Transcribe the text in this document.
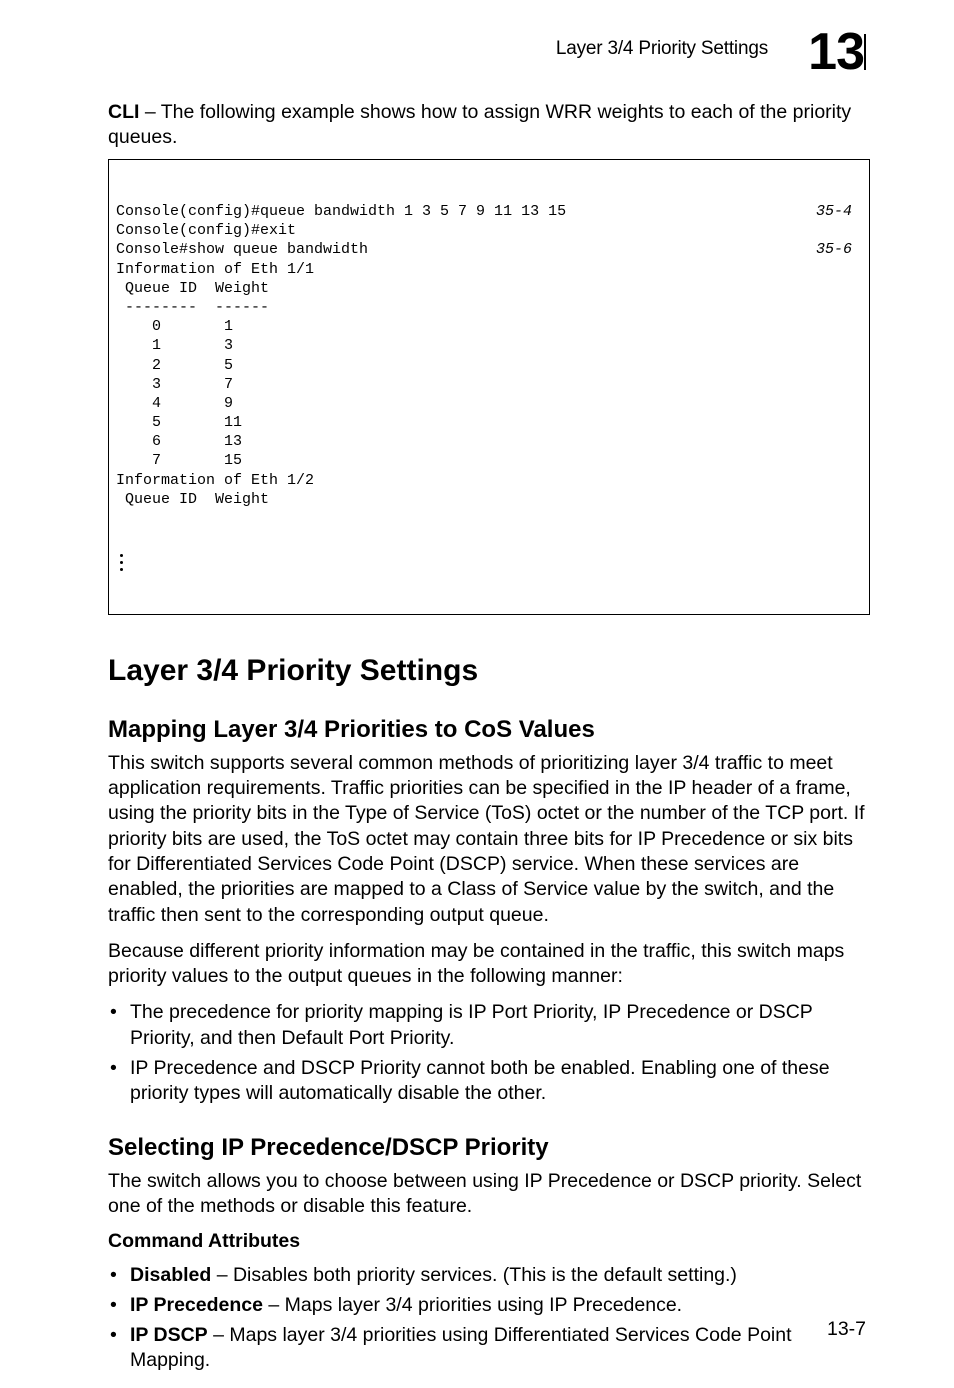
Layer 3/4 Priority Settings 13

CLI – The following example shows how to assign WRR weights to each of the priority queues.

Console(config)#queue bandwidth 1 3 5 7 9 11 13 15	35-4
Console(config)#exit
Console#show queue bandwidth	35-6
Information of Eth 1/1
Queue ID  Weight
--------  ------
0       1
1       3
2       5
3       7
4       9
5       11
6       13
7       15
Information of Eth 1/2
Queue ID  Weight

Layer 3/4 Priority Settings
Mapping Layer 3/4 Priorities to CoS Values

This switch supports several common methods of prioritizing layer 3/4 traffic to meet application requirements. Traffic priorities can be specified in the IP header of a frame, using the priority bits in the Type of Service (ToS) octet or the number of the TCP port. If priority bits are used, the ToS octet may contain three bits for IP Precedence or six bits for Differentiated Services Code Point (DSCP) service. When these services are enabled, the priorities are mapped to a Class of Service value by the switch, and the traffic then sent to the corresponding output queue.

Because different priority information may be contained in the traffic, this switch maps priority values to the output queues in the following manner:

• The precedence for priority mapping is IP Port Priority, IP Precedence or DSCP Priority, and then Default Port Priority.
• IP Precedence and DSCP Priority cannot both be enabled. Enabling one of these priority types will automatically disable the other.
Selecting IP Precedence/DSCP Priority

The switch allows you to choose between using IP Precedence or DSCP priority. Select one of the methods or disable this feature.

Command Attributes
• Disabled – Disables both priority services. (This is the default setting.)
• IP Precedence – Maps layer 3/4 priorities using IP Precedence.
• IP DSCP – Maps layer 3/4 priorities using Differentiated Services Code Point Mapping.
13-7
